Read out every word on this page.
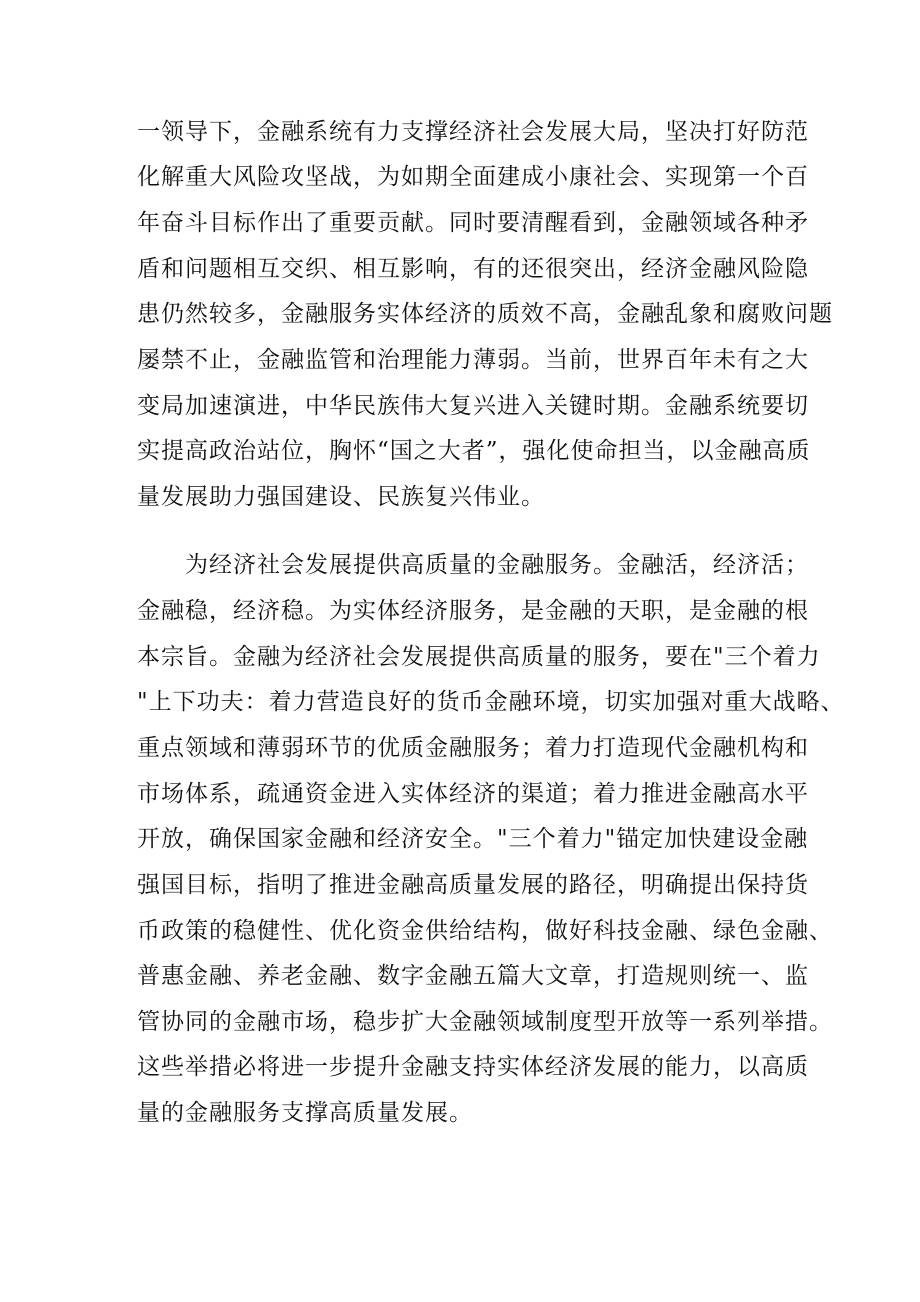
一领导下，金融系统有力支撑经济社会发展大局，坚决打好防范
化解重大风险攻坚战，为如期全面建成小康社会、实现第一个百
年奋斗目标作出了重要贡献。同时要清醒看到，金融领域各种矛
盾和问题相互交织、相互影响，有的还很突出，经济金融风险隐
患仍然较多，金融服务实体经济的质效不高，金融乱象和腐败问题
屡禁不止，金融监管和治理能力薄弱。当前，世界百年未有之大
变局加速演进，中华民族伟大复兴进入关键时期。金融系统要切
实提高政治站位，胸怀“国之大者”，强化使命担当，以金融高质
量发展助力强国建设、民族复兴伟业。
为经济社会发展提供高质量的金融服务。金融活，经济活；
金融稳，经济稳。为实体经济服务，是金融的天职，是金融的根
本宗旨。金融为经济社会发展提供高质量的服务，要在"三个着力
"上下功夫：着力营造良好的货币金融环境，切实加强对重大战略、
重点领域和薄弱环节的优质金融服务；着力打造现代金融机构和
市场体系，疏通资金进入实体经济的渠道；着力推进金融高水平
开放，确保国家金融和经济安全。"三个着力"锚定加快建设金融
强国目标，指明了推进金融高质量发展的路径，明确提出保持货
币政策的稳健性、优化资金供给结构，做好科技金融、绿色金融、
普惠金融、养老金融、数字金融五篇大文章，打造规则统一、监
管协同的金融市场，稳步扩大金融领域制度型开放等一系列举措。
这些举措必将进一步提升金融支持实体经济发展的能力，以高质
量的金融服务支撑高质量发展。
